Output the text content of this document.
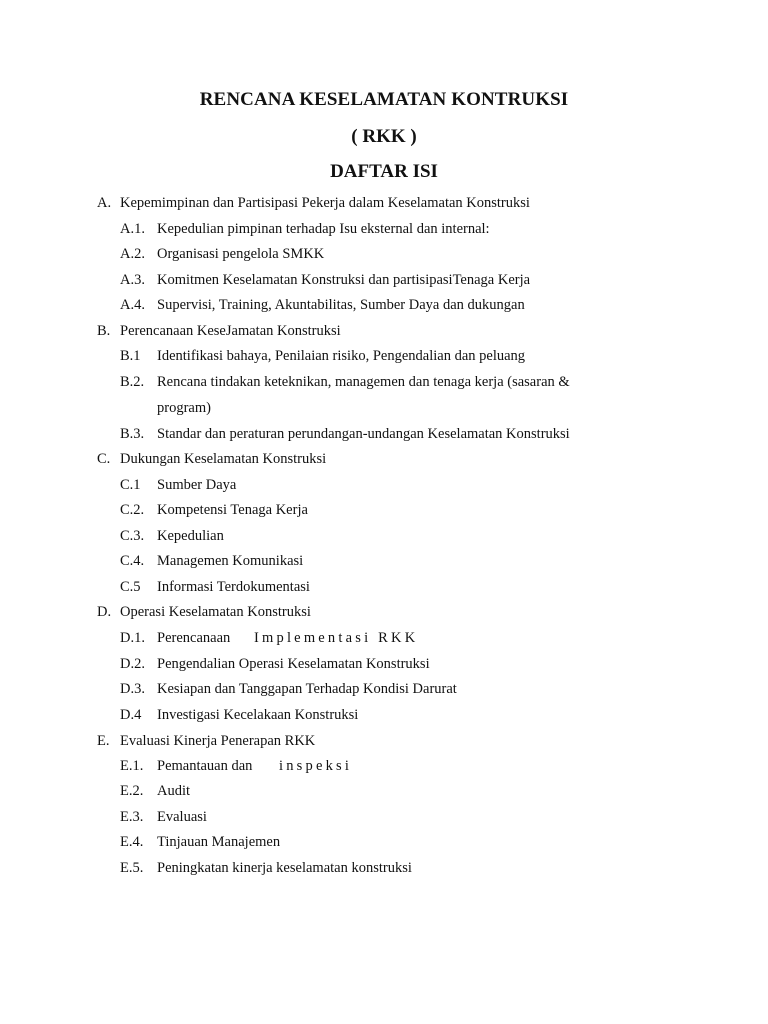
RENCANA KESELAMATAN KONTRUKSI
( RKK )
DAFTAR ISI
A. Kepemimpinan dan Partisipasi Pekerja dalam Keselamatan Konstruksi
A.1. Kepedulian pimpinan terhadap Isu eksternal dan internal:
A.2. Organisasi pengelola SMKK
A.3. Komitmen Keselamatan Konstruksi dan partisipasiTenaga Kerja
A.4. Supervisi, Training, Akuntabilitas, Sumber Daya dan dukungan
B. Perencanaan KeseJamatan Konstruksi
B.1 Identifikasi bahaya, Penilaian risiko, Pengendalian dan peluang
B.2. Rencana tindakan keteknikan, managemen dan tenaga kerja (sasaran &
program)
B.3. Standar dan peraturan perundangan-undangan Keselamatan Konstruksi
C. Dukungan Keselamatan Konstruksi
C.1 Sumber Daya
C.2. Kompetensi Tenaga Kerja
C.3. Kepedulian
C.4. Managemen Komunikasi
C.5 Informasi Terdokumentasi
D. Operasi Keselamatan Konstruksi
D.1. Perencanaan Implementasi RKK
D.2. Pengendalian Operasi Keselamatan Konstruksi
D.3. Kesiapan dan Tanggapan Terhadap Kondisi Darurat
D.4 Investigasi Kecelakaan Konstruksi
E. Evaluasi Kinerja Penerapan RKK
E.1. Pemantauan dan inspeksi
E.2. Audit
E.3. Evaluasi
E.4. Tinjauan Manajemen
E.5. Peningkatan kinerja keselamatan konstruksi
